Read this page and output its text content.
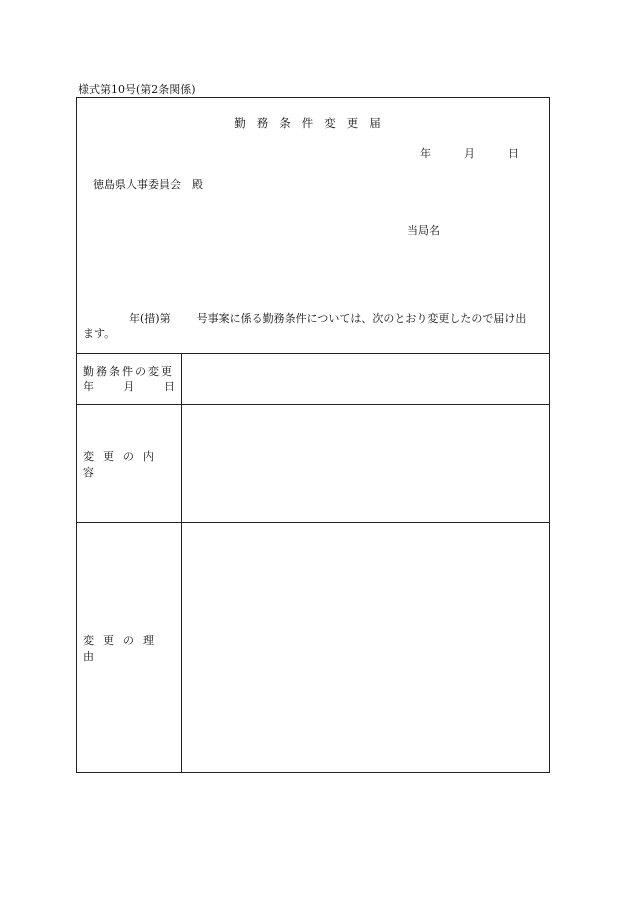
様式第10号(第2条関係)
勤務条件変更届
年	月	日
徳島県人事委員会　殿
当局名
年(措)第 号事案に係る勤務条件については、次のとおり変更したので届け出
ます。
勤務条件の変更
年	月	日
変更の内容
変更の理由
